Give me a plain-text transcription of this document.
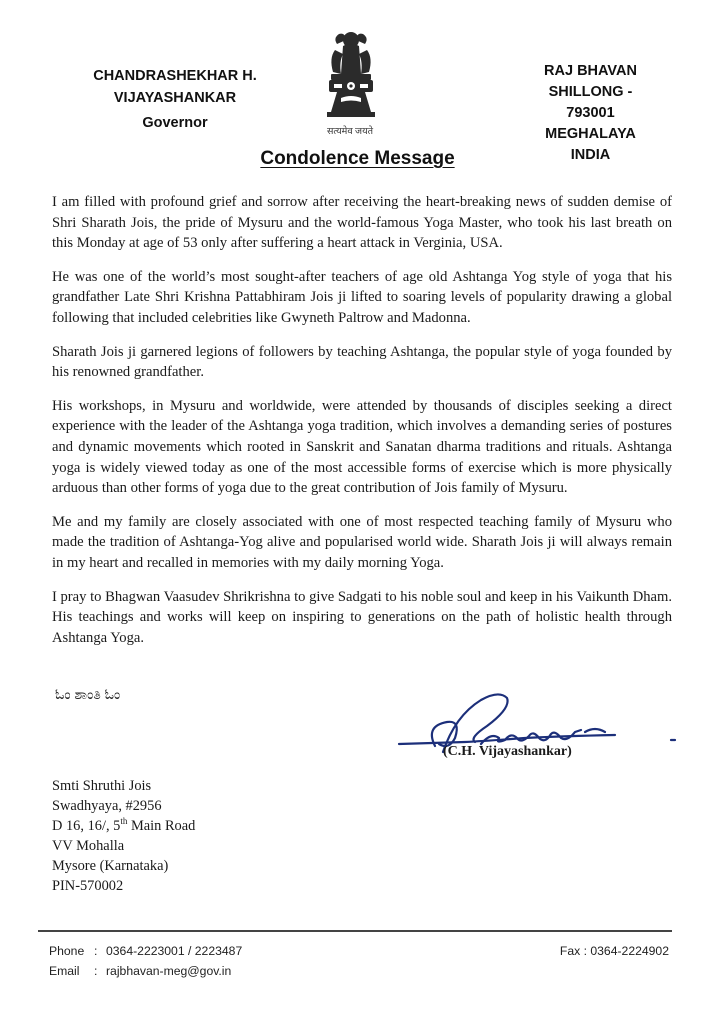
CHANDRASHEKHAR H. VIJAYASHANKAR
Governor
सत्यमेव जयते
RAJ BHAVAN
SHILLONG - 793001
MEGHALAYA
INDIA
Condolence Message

I am filled with profound grief and sorrow after receiving the heart-breaking news of sudden demise of Shri Sharath Jois, the pride of Mysuru and the world-famous Yoga Master, who took his last breath on this Monday at age of 53 only after suffering a heart attack in Verginia, USA.

He was one of the world’s most sought-after teachers of age old Ashtanga Yog style of yoga that his grandfather Late Shri Krishna Pattabhiram Jois ji lifted to soaring levels of popularity drawing a global following that included celebrities like Gwyneth Paltrow and Madonna.

Sharath Jois ji garnered legions of followers by teaching Ashtanga, the popular style of yoga founded by his renowned grandfather.

His workshops, in Mysuru and worldwide, were attended by thousands of disciples seeking a direct experience with the leader of the Ashtanga yoga tradition, which involves a demanding series of postures and dynamic movements which rooted in Sanskrit and Sanatan dharma traditions and rituals. Ashtanga yoga is widely viewed today as one of the most accessible forms of exercise which is more physically arduous than other forms of yoga due to the great contribution of Jois family of Mysuru.

Me and my family are closely associated with one of most respected teaching family of Mysuru who made the tradition of Ashtanga-Yog alive and popularised world wide. Sharath Jois ji will always remain in my heart and recalled in memories with my daily morning Yoga.

I pray to Bhagwan Vaasudev Shrikrishna to give Sadgati to his noble soul and keep in his Vaikunth Dham. His teachings and works will keep on inspiring to generations on the path of holistic health through Ashtanga Yoga.

ಓಂ ಶಾಂತಿ ಓಂ
(C.H. Vijayashankar)
Smti Shruthi Jois
Swadhyaya, #2956
D 16, 16/, 5th Main Road
VV Mohalla
Mysore (Karnataka)
PIN-570002
Phone : 0364-2223001 / 2223487	Fax : 0364-2224902
Email	: rajbhavan-meg@gov.in
